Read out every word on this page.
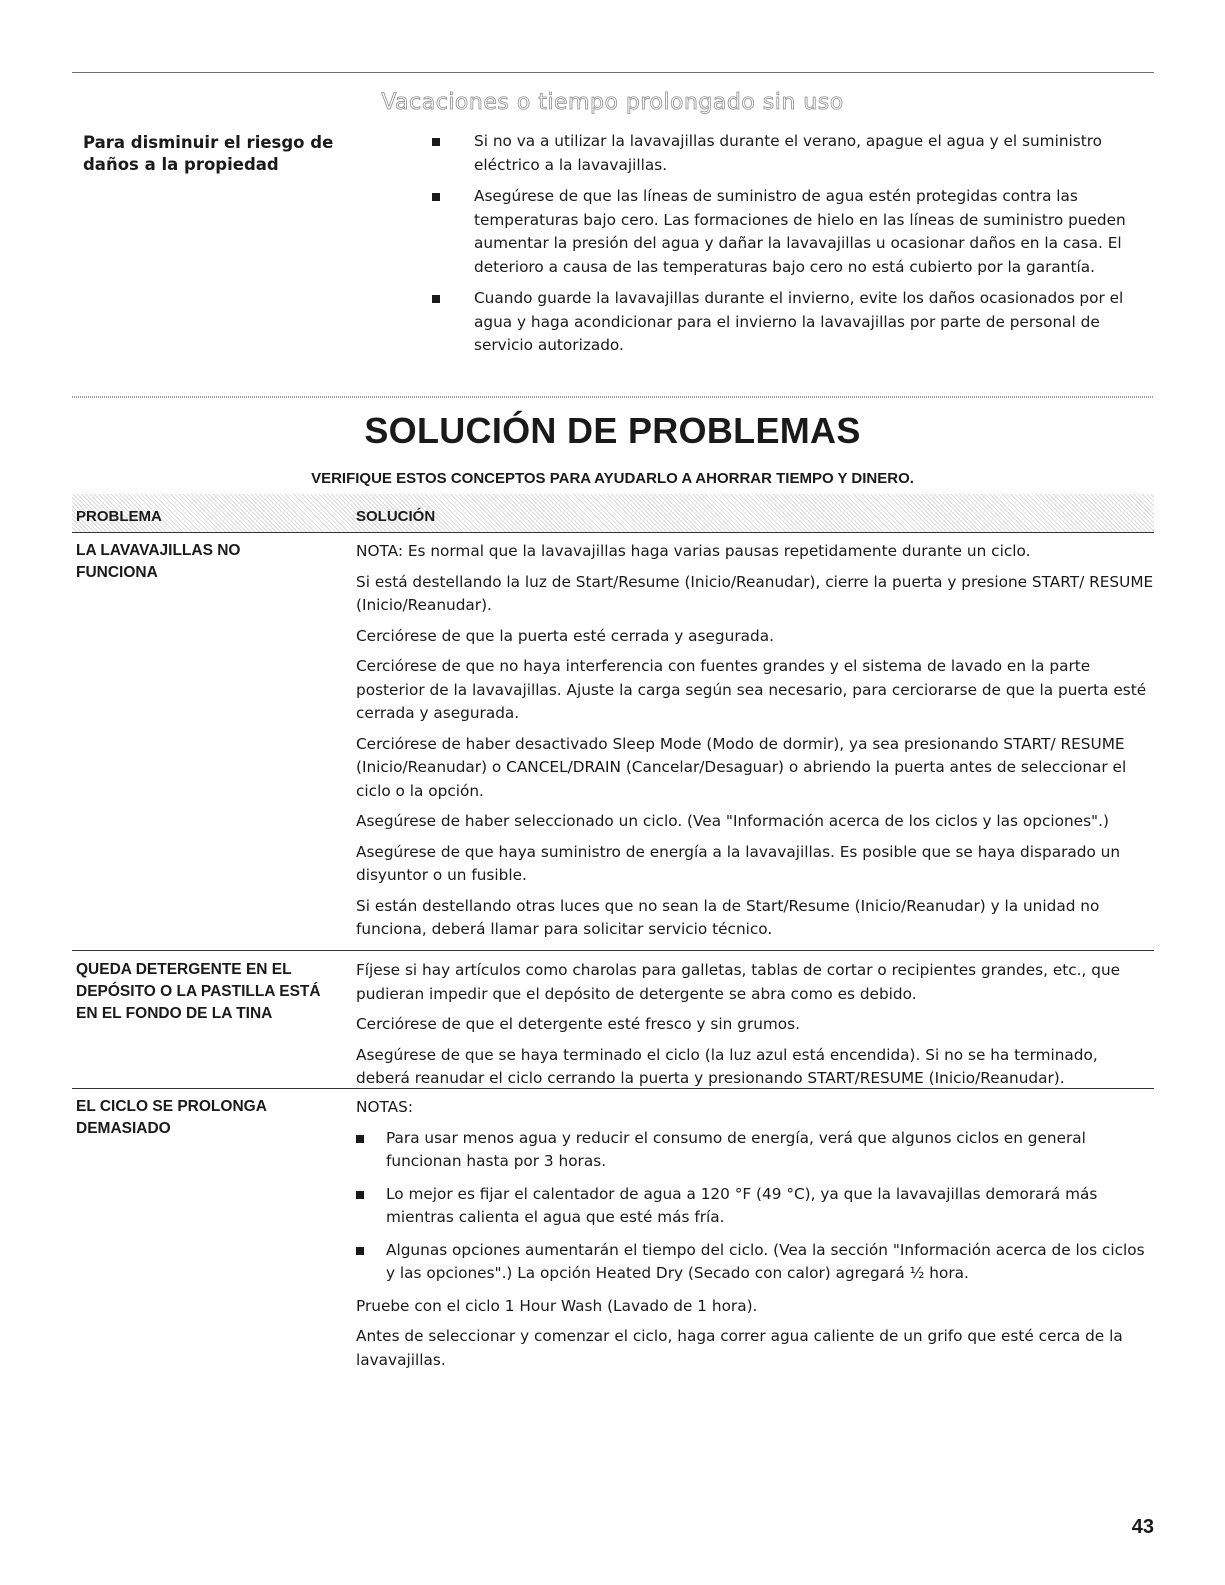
Vacaciones o tiempo prolongado sin uso
Para disminuir el riesgo de daños a la propiedad
Si no va a utilizar la lavavajillas durante el verano, apague el agua y el suministro eléctrico a la lavavajillas.
Asegúrese de que las líneas de suministro de agua estén protegidas contra las temperaturas bajo cero. Las formaciones de hielo en las líneas de suministro pueden aumentar la presión del agua y dañar la lavavajillas u ocasionar daños en la casa. El deterioro a causa de las temperaturas bajo cero no está cubierto por la garantía.
Cuando guarde la lavavajillas durante el invierno, evite los daños ocasionados por el agua y haga acondicionar para el invierno la lavavajillas por parte de personal de servicio autorizado.
SOLUCIÓN DE PROBLEMAS
VERIFIQUE ESTOS CONCEPTOS PARA AYUDARLO A AHORRAR TIEMPO Y DINERO.
PROBLEMA	SOLUCIÓN
LA LAVAVAJILLAS NO FUNCIONA

NOTA: Es normal que la lavavajillas haga varias pausas repetidamente durante un ciclo.

Si está destellando la luz de Start/Resume (Inicio/Reanudar), cierre la puerta y presione START/ RESUME (Inicio/Reanudar).

Cerciórese de que la puerta esté cerrada y asegurada.

Cerciórese de que no haya interferencia con fuentes grandes y el sistema de lavado en la parte posterior de la lavavajillas. Ajuste la carga según sea necesario, para cerciorarse de que la puerta esté cerrada y asegurada.

Cerciórese de haber desactivado Sleep Mode (Modo de dormir), ya sea presionando START/ RESUME (Inicio/Reanudar) o CANCEL/DRAIN (Cancelar/Desaguar) o abriendo la puerta antes de seleccionar el ciclo o la opción.

Asegúrese de haber seleccionado un ciclo. (Vea "Información acerca de los ciclos y las opciones".)

Asegúrese de que haya suministro de energía a la lavavajillas. Es posible que se haya disparado un disyuntor o un fusible.

Si están destellando otras luces que no sean la de Start/Resume (Inicio/Reanudar) y la unidad no funciona, deberá llamar para solicitar servicio técnico.

QUEDA DETERGENTE EN EL DEPÓSITO O LA PASTILLA ESTÁ EN EL FONDO DE LA TINA

Fíjese si hay artículos como charolas para galletas, tablas de cortar o recipientes grandes, etc., que pudieran impedir que el depósito de detergente se abra como es debido.

Cerciórese de que el detergente esté fresco y sin grumos.

Asegúrese de que se haya terminado el ciclo (la luz azul está encendida). Si no se ha terminado, deberá reanudar el ciclo cerrando la puerta y presionando START/RESUME (Inicio/Reanudar).

EL CICLO SE PROLONGA DEMASIADO

NOTAS:

Para usar menos agua y reducir el consumo de energía, verá que algunos ciclos en general funcionan hasta por 3 horas.
Lo mejor es fijar el calentador de agua a 120 °F (49 °C), ya que la lavavajillas demorará más mientras calienta el agua que esté más fría.
Algunas opciones aumentarán el tiempo del ciclo. (Vea la sección "Información acerca de los ciclos y las opciones".) La opción Heated Dry (Secado con calor) agregará ½ hora.

Pruebe con el ciclo 1 Hour Wash (Lavado de 1 hora).

Antes de seleccionar y comenzar el ciclo, haga correr agua caliente de un grifo que esté cerca de la lavavajillas.

43
